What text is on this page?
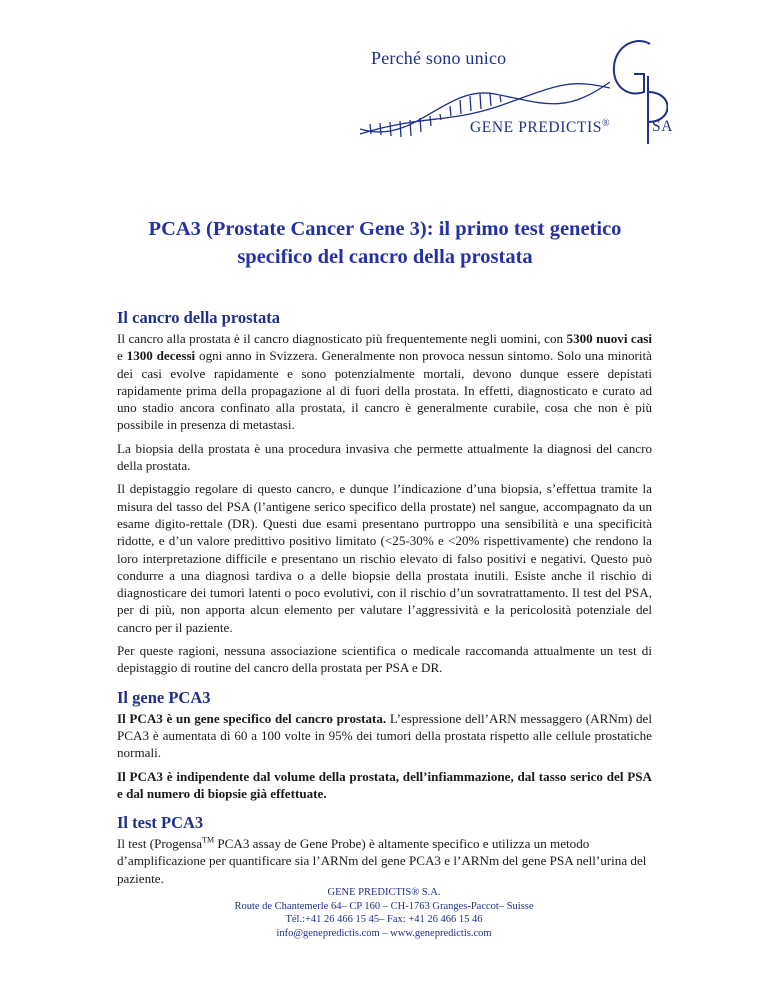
Perché sono unico
GENE PREDICTIS®	SA
PCA3 (Prostate Cancer Gene 3): il primo test genetico
specifico del cancro della prostata
Il cancro della prostata

Il cancro alla prostata è il cancro diagnosticato più frequentemente negli uomini, con 5300 nuovi casi e 1300 decessi ogni anno in Svizzera. Generalmente non provoca nessun sintomo. Solo una minorità dei casi evolve rapidamente e sono potenzialmente mortali, devono dunque essere depistati rapidamente prima della propagazione al di fuori della prostata. In effetti, diagnosticato e curato ad uno stadio ancora confinato alla prostata, il cancro è generalmente curabile, cosa che non è più possibile in presenza di metastasi.

La biopsia della prostata è una procedura invasiva che permette attualmente la diagnosi del cancro della prostata.

Il depistaggio regolare di questo cancro, e dunque l’indicazione d’una biopsia, s’effettua tramite la misura del tasso del PSA (l’antigene serico specifico della prostate) nel sangue, accompagnato da un esame digito-rettale (DR). Questi due esami presentano purtroppo una sensibilità e una specificità ridotte, e d’un valore predittivo positivo limitato (<25-30% e <20% rispettivamente) che rendono la loro interpretazione difficile e presentano un rischio elevato di falso positivi e negativi. Questo può condurre a una diagnosi tardiva o a delle biopsie della prostata inutili. Esiste anche il rischio di diagnosticare dei tumori latenti o poco evolutivi, con il rischio d’un sovratrattamento. Il test del PSA, per di più, non apporta alcun elemento per valutare l’aggressività e la pericolosità potenziale del cancro per il paziente.

Per queste ragioni, nessuna associazione scientifica o medicale raccomanda attualmente un test di depistaggio di routine del cancro della prostata per PSA e DR.

Il gene PCA3

Il PCA3 è un gene specifico del cancro prostata. L’espressione dell’ARN messaggero (ARNm) del PCA3 è aumentata di 60 a 100 volte in 95% dei tumori della prostata rispetto alle cellule prostatiche normali.

Il PCA3 è indipendente dal volume della prostata, dell’infiammazione, dal tasso serico del PSA e dal numero di biopsie già effettuate.

Il test PCA3

Il test (Progensa™ PCA3 assay de Gene Probe) è altamente specifico e utilizza un metodo d’amplificazione per quantificare sia l’ARNm del gene PCA3 e l’ARNm del gene PSA nell’urina del paziente.

GENE PREDICTIS® S.A.
Route de Chantemerle 64– CP 160 – CH-1763 Granges-Paccot– Suisse
Tél.:+41 26 466 15 45– Fax: +41 26 466 15 46
info@genepredictis.com – www.genepredictis.com
